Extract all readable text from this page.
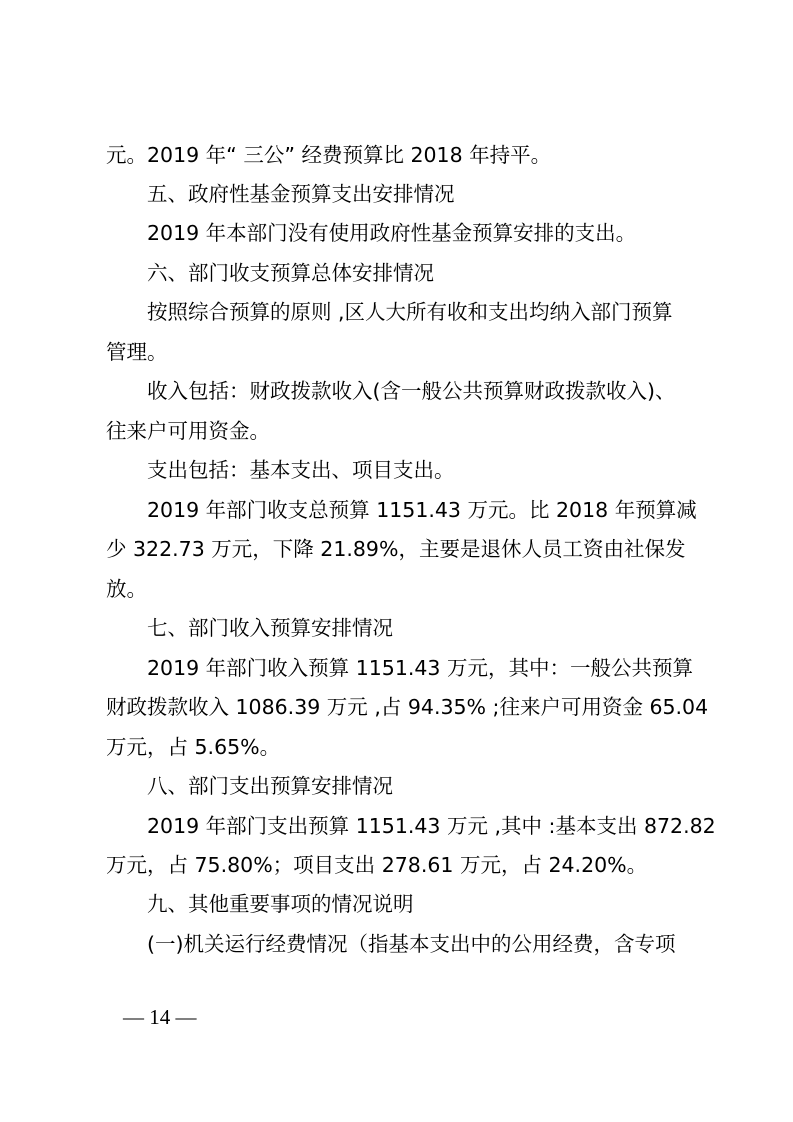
元。2019 年“ 三公” 经费预算比 2018 年持平。
五、政府性基金预算支出安排情况
2019 年本部门没有使用政府性基金预算安排的支出。
六、部门收支预算总体安排情况
按照综合预算的原则 ,区人大所有收和支出均纳入部门预算
管理。
收入包括：财政拨款收入(含一般公共预算财政拨款收入)、
往来户可用资金。
支出包括：基本支出、项目支出。
2019 年部门收支总预算 1151.43 万元。比 2018 年预算减
少 322.73 万元，下降 21.89%，主要是退休人员工资由社保发
放。
七、部门收入预算安排情况
2019 年部门收入预算 1151.43 万元，其中：一般公共预算
财政拨款收入 1086.39 万元 ,占 94.35% ;往来户可用资金 65.04
万元，占 5.65%。
八、部门支出预算安排情况
2019 年部门支出预算 1151.43 万元 ,其中 :基本支出 872.82
万元，占 75.80%；项目支出 278.61 万元，占 24.20%。
九、其他重要事项的情况说明
(一)机关运行经费情况（指基本支出中的公用经费，含专项
— 14 —
